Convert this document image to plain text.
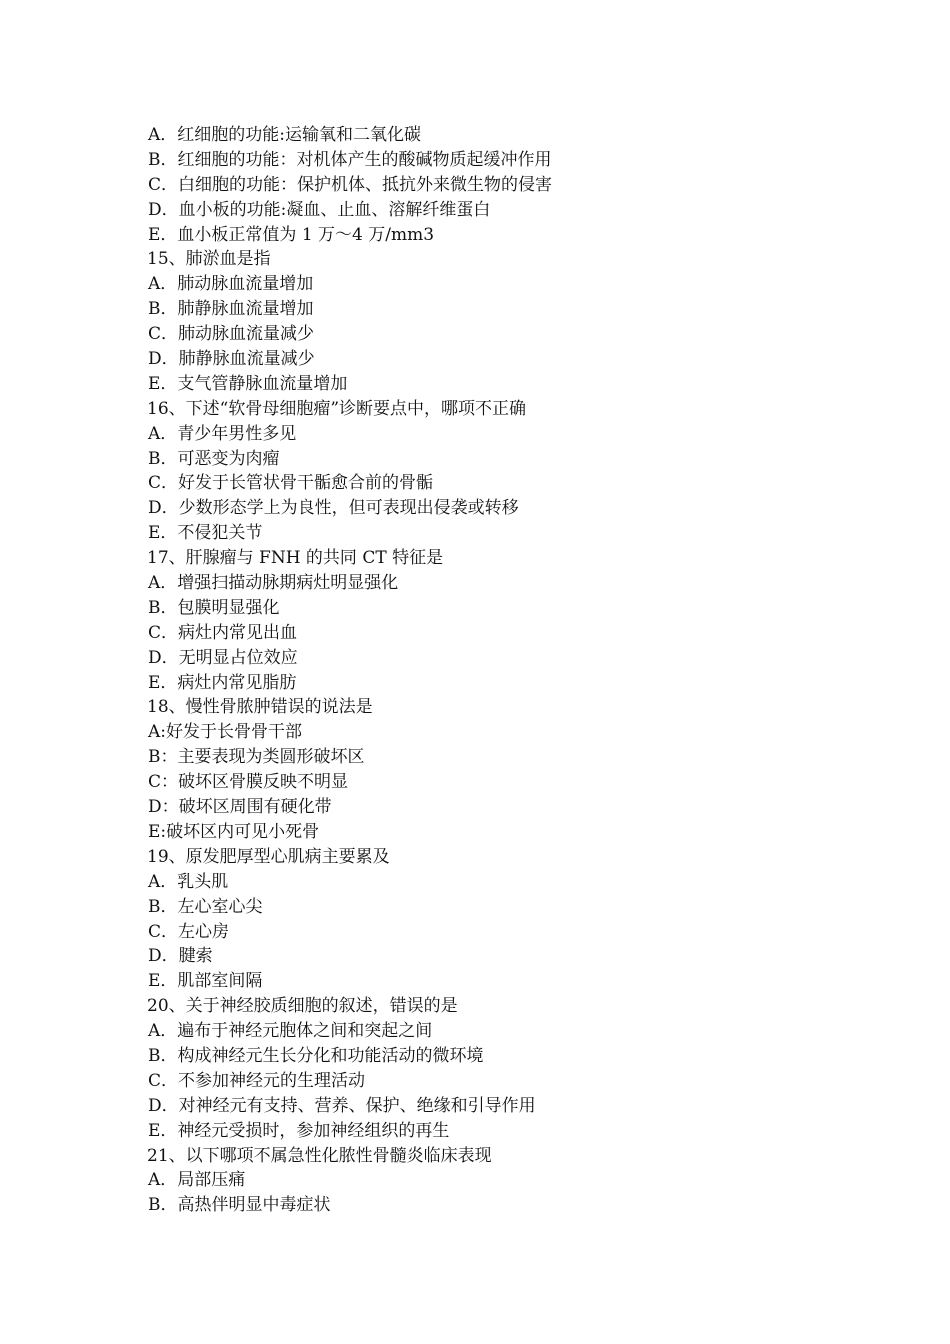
A．红细胞的功能:运输氧和二氧化碳
B．红细胞的功能：对机体产生的酸碱物质起缓冲作用
C．白细胞的功能：保护机体、抵抗外来微生物的侵害
D．血小板的功能:凝血、止血、溶解纤维蛋白
E．血小板正常值为 1 万～4 万/mm3
15、肺淤血是指
A．肺动脉血流量增加
B．肺静脉血流量增加
C．肺动脉血流量减少
D．肺静脉血流量减少
E．支气管静脉血流量增加
16、下述“软骨母细胞瘤”诊断要点中，哪项不正确
A．青少年男性多见
B．可恶变为肉瘤
C．好发于长管状骨干骺愈合前的骨骺
D．少数形态学上为良性，但可表现出侵袭或转移
E．不侵犯关节
17、肝腺瘤与 FNH 的共同 CT 特征是
A．增强扫描动脉期病灶明显强化
B．包膜明显强化
C．病灶内常见出血
D．无明显占位效应
E．病灶内常见脂肪
18、慢性骨脓肿错误的说法是
A:好发于长骨骨干部
B：主要表现为类圆形破坏区
C：破坏区骨膜反映不明显
D：破坏区周围有硬化带
E:破坏区内可见小死骨
19、原发肥厚型心肌病主要累及
A．乳头肌
B．左心室心尖
C．左心房
D．腱索
E．肌部室间隔
20、关于神经胶质细胞的叙述，错误的是
A．遍布于神经元胞体之间和突起之间
B．构成神经元生长分化和功能活动的微环境
C．不参加神经元的生理活动
D．对神经元有支持、营养、保护、绝缘和引导作用
E．神经元受损时，参加神经组织的再生
21、以下哪项不属急性化脓性骨髓炎临床表现
A．局部压痛
B．高热伴明显中毒症状
